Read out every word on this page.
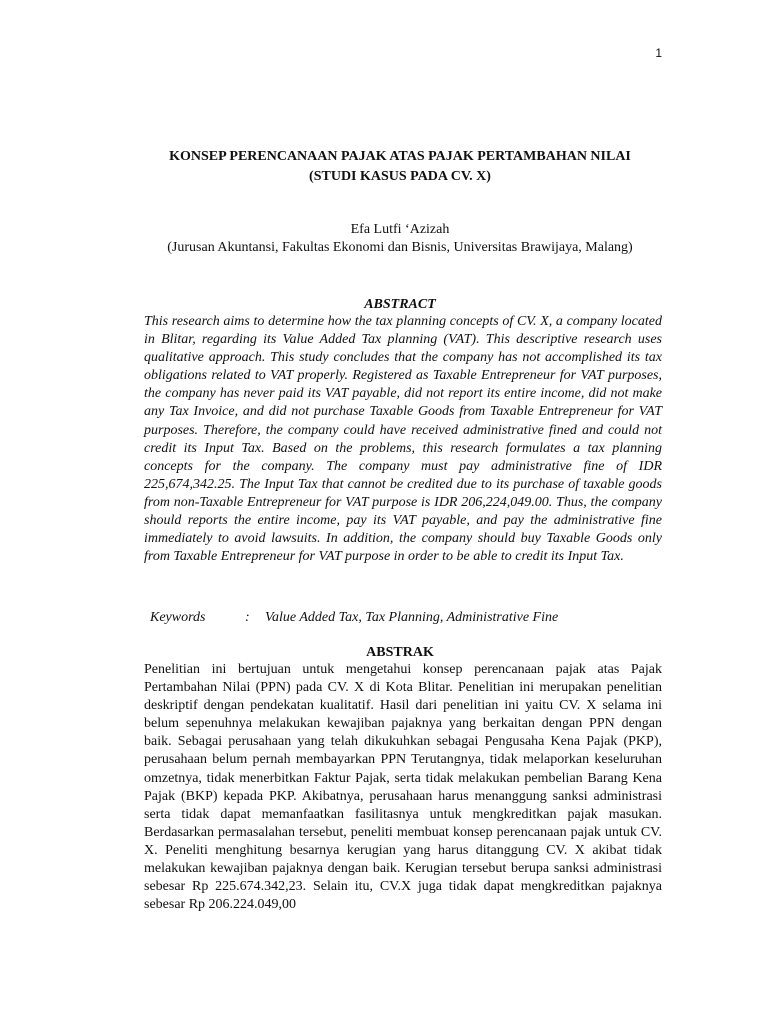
1
KONSEP PERENCANAAN PAJAK ATAS PAJAK PERTAMBAHAN NILAI
(STUDI KASUS PADA CV. X)
Efa Lutfi ‘Azizah
(Jurusan Akuntansi, Fakultas Ekonomi dan Bisnis, Universitas Brawijaya, Malang)
ABSTRACT

This research aims to determine how the tax planning concepts of CV. X, a company located in Blitar, regarding its Value Added Tax planning (VAT). This descriptive research uses qualitative approach. This study concludes that the company has not accomplished its tax obligations related to VAT properly. Registered as Taxable Entrepreneur for VAT purposes, the company has never paid its VAT payable, did not report its entire income, did not make any Tax Invoice, and did not purchase Taxable Goods from Taxable Entrepreneur for VAT purposes. Therefore, the company could have received administrative fined and could not credit its Input Tax. Based on the problems, this research formulates a tax planning concepts for the company. The company must pay administrative fine of IDR 225,674,342.25. The Input Tax that cannot be credited due to its purchase of taxable goods from non-Taxable Entrepreneur for VAT purpose is IDR 206,224,049.00. Thus, the company should reports the entire income, pay its VAT payable, and pay the administrative fine immediately to avoid lawsuits. In addition, the company should buy Taxable Goods only from Taxable Entrepreneur for VAT purpose in order to be able to credit its Input Tax.

Keywords	: Value Added Tax, Tax Planning, Administrative Fine
ABSTRAK

Penelitian ini bertujuan untuk mengetahui konsep perencanaan pajak atas Pajak Pertambahan Nilai (PPN) pada CV. X di Kota Blitar. Penelitian ini merupakan penelitian deskriptif dengan pendekatan kualitatif. Hasil dari penelitian ini yaitu CV. X selama ini belum sepenuhnya melakukan kewajiban pajaknya yang berkaitan dengan PPN dengan baik. Sebagai perusahaan yang telah dikukuhkan sebagai Pengusaha Kena Pajak (PKP), perusahaan belum pernah membayarkan PPN Terutangnya, tidak melaporkan keseluruhan omzetnya, tidak menerbitkan Faktur Pajak, serta tidak melakukan pembelian Barang Kena Pajak (BKP) kepada PKP. Akibatnya, perusahaan harus menanggung sanksi administrasi serta tidak dapat memanfaatkan fasilitasnya untuk mengkreditkan pajak masukan. Berdasarkan permasalahan tersebut, peneliti membuat konsep perencanaan pajak untuk CV. X. Peneliti menghitung besarnya kerugian yang harus ditanggung CV. X akibat tidak melakukan kewajiban pajaknya dengan baik. Kerugian tersebut berupa sanksi administrasi sebesar Rp 225.674.342,23. Selain itu, CV.X juga tidak dapat mengkreditkan pajaknya sebesar Rp 206.224.049,00
